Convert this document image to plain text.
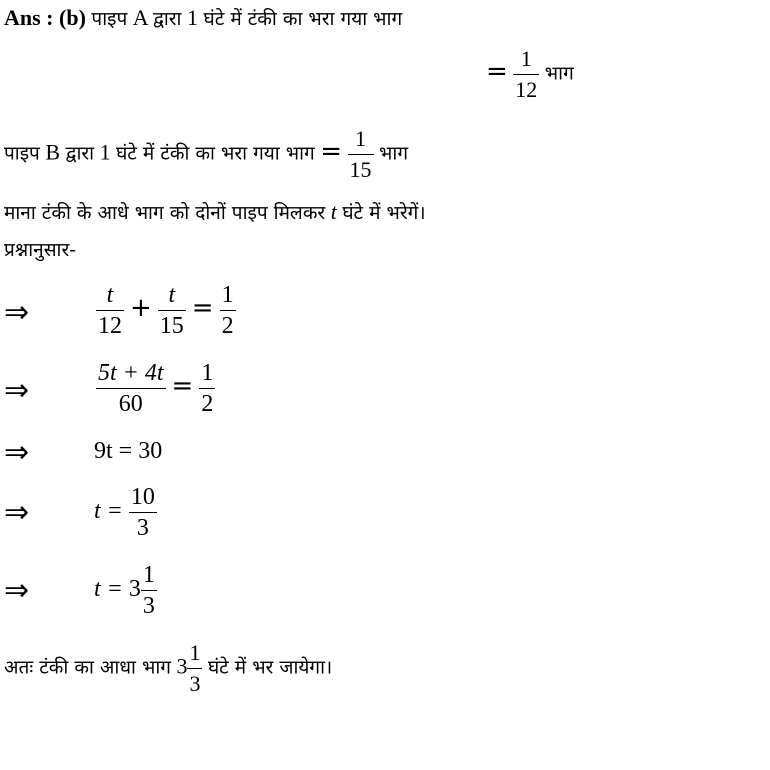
Ans : (b) पाइप A द्वारा 1 घंटे में टंकी का भरा गया भाग
= $\frac{1}{12}$ भाग
पाइप B द्वारा 1 घंटे में टंकी का भरा गया भाग = $\frac{1}{15}$ भाग
माना टंकी के आधे भाग को दोनों पाइप मिलकर t घंटे में भरेगें।
प्रश्नानुसार-
⇒	$\frac{t}{12} + \frac{t}{15} = \frac{1}{2}$
⇒	$\frac{5t + 4t}{60} = \frac{1}{2}$
⇒	9t = 30
⇒	$t = \frac{10}{3}$
⇒	$t = 3 \frac{1}{3}$
अतः टंकी का आधा भाग $3 \frac{1}{3}$ घंटे में भर जायेगा।
